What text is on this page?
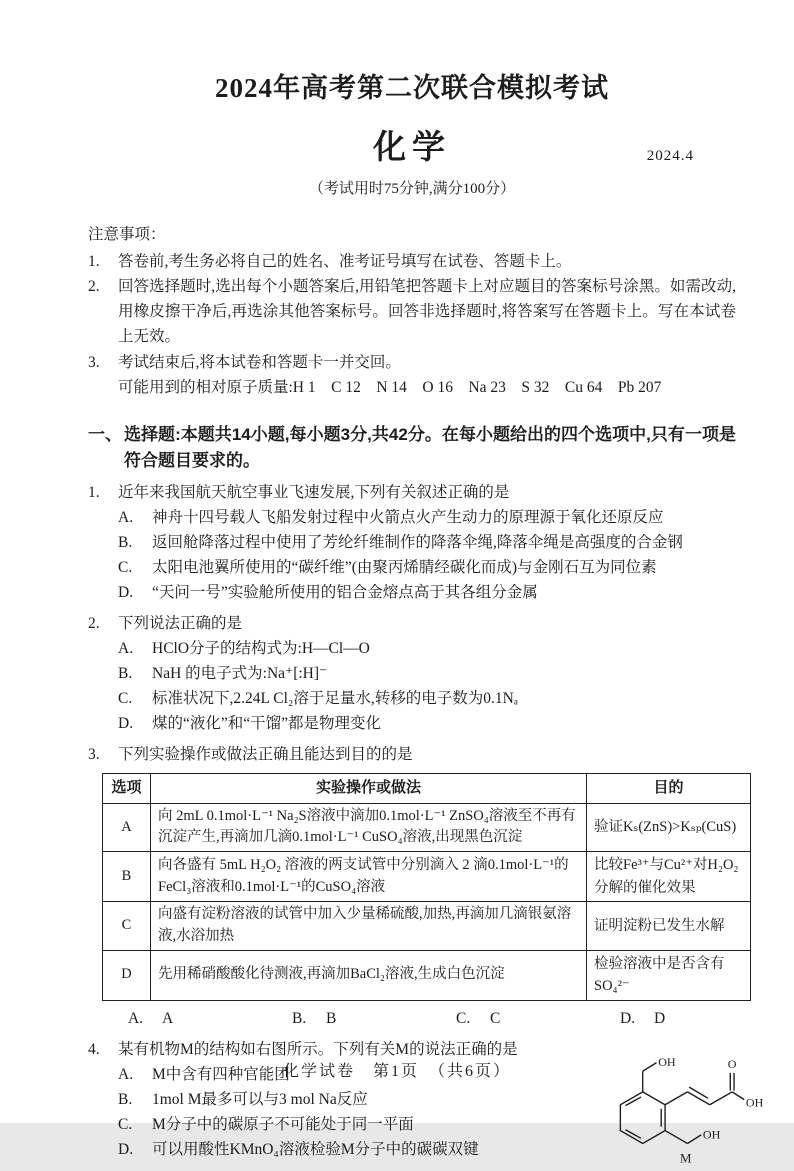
2024年高考第二次联合模拟考试
化学	2024.4
（考试用时75分钟,满分100分）
注意事项：
1.	答卷前,考生务必将自己的姓名、准考证号填写在试卷、答题卡上。
2.	回答选择题时,选出每个小题答案后,用铅笔把答题卡上对应题目的答案标号涂黑。如需改动,用橡皮擦干净后,再选涂其他答案标号。回答非选择题时,将答案写在答题卡上。写在本试卷上无效。
3.	考试结束后,将本试卷和答题卡一并交回。
可能用到的相对原子质量:H 1　C 12　N 14　O 16　Na 23　S 32　Cu 64　Pb 207
一、 选择题:本题共14小题,每小题3分,共42分。在每小题给出的四个选项中,只有一项是符合题目要求的。
1.	近年来我国航天航空事业飞速发展,下列有关叙述正确的是
A.	神舟十四号载人飞船发射过程中火箭点火产生动力的原理源于氧化还原反应
B.	返回舱降落过程中使用了芳纶纤维制作的降落伞绳,降落伞绳是高强度的合金钢
C.	太阳电池翼所使用的“碳纤维”(由聚丙烯腈经碳化而成)与金刚石互为同位素
D.	“天问一号”实验舱所使用的铝合金熔点高于其各组分金属
2.	下列说法正确的是
A.	HClO分子的结构式为:H—Cl—O
B.	NaH 的电子式为:Na⁺[:H]⁻
C.	标准状况下,2.24L Cl₂溶于足量水,转移的电子数为0.1Nₐ
D.	煤的“液化”和“干馏”都是物理变化
3.	下列实验操作或做法正确且能达到目的的是
选项	实验操作或做法	目的
A	向 2mL 0.1mol·L⁻¹ Na₂S溶液中滴加0.1mol·L⁻¹ ZnSO₄溶液至不再有沉淀产生,再滴加几滴0.1mol·L⁻¹ CuSO₄溶液,出现黑色沉淀	验证Kₛ(ZnS)>Kₛₚ(CuS)
B	向各盛有 5mL H₂O₂ 溶液的两支试管中分别滴入 2 滴0.1mol·L⁻¹的FeCl₃溶液和0.1mol·L⁻¹的CuSO₄溶液	比较Fe³⁺与Cu²⁺对H₂O₂分解的催化效果
C	向盛有淀粉溶液的试管中加入少量稀硫酸,加热,再滴加几滴银氨溶液,水浴加热	证明淀粉已发生水解
D	先用稀硝酸酸化待测液,再滴加BaCl₂溶液,生成白色沉淀	检验溶液中是否含有SO₄²⁻
A.	A	B.	B	C.	C	D.	D
4.	某有机物M的结构如右图所示。下列有关M的说法正确的是
A.	M中含有四种官能团
B.	1mol M最多可以与3 mol Na反应
C.	M分子中的碳原子不可能处于同一平面
D.	可以用酸性KMnO₄溶液检验M分子中的碳碳双键
OH	O
OH
OH
M
化学试卷　第1页　（共6页）
